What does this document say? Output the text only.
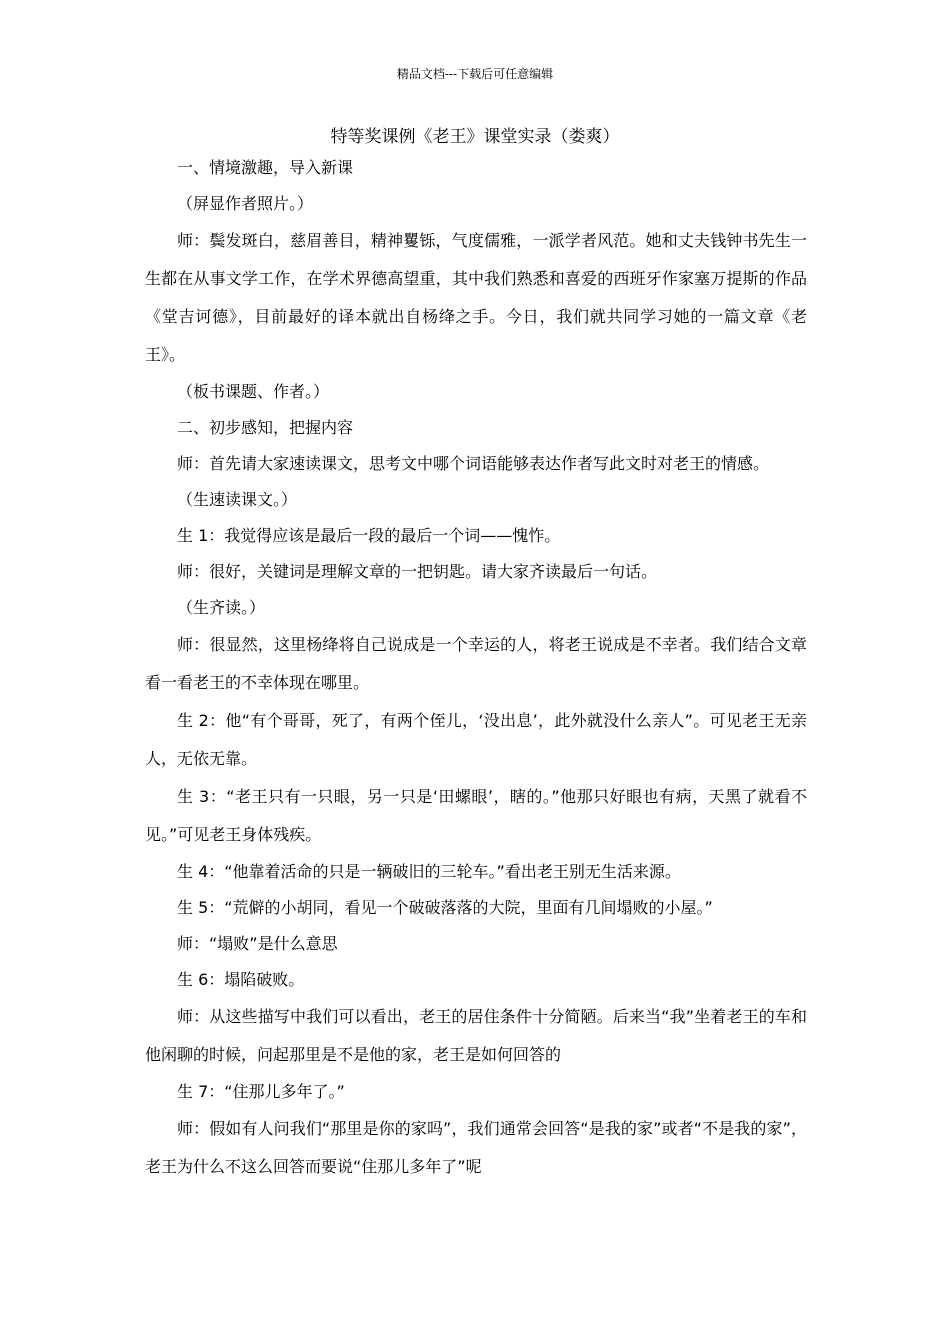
精品文档---下载后可任意编辑
特等奖课例《老王》课堂实录（娄爽）

一、情境激趣，导入新课

（屏显作者照片。）

师：鬓发斑白，慈眉善目，精神矍铄，气度儒雅，一派学者风范。她和丈夫钱钟书先生一生都在从事文学工作，在学术界德高望重，其中我们熟悉和喜爱的西班牙作家塞万提斯的作品《堂吉诃德》，目前最好的译本就出自杨绛之手。今日，我们就共同学习她的一篇文章《老王》。

（板书课题、作者。）

二、初步感知，把握内容

师：首先请大家速读课文，思考文中哪个词语能够表达作者写此文时对老王的情感。

（生速读课文。）

生 1：我觉得应该是最后一段的最后一个词——愧怍。

师：很好，关键词是理解文章的一把钥匙。请大家齐读最后一句话。

（生齐读。）

师：很显然，这里杨绛将自己说成是一个幸运的人，将老王说成是不幸者。我们结合文章看一看老王的不幸体现在哪里。

生 2：他“有个哥哥，死了，有两个侄儿，‘没出息’，此外就没什么亲人”。可见老王无亲人，无依无靠。

生 3：“老王只有一只眼，另一只是‘田螺眼’，瞎的。”他那只好眼也有病，天黑了就看不见。”可见老王身体残疾。

生 4：“他靠着活命的只是一辆破旧的三轮车。”看出老王别无生活来源。

生 5：“荒僻的小胡同，看见一个破破落落的大院，里面有几间塌败的小屋。”

师：“塌败”是什么意思

生 6：塌陷破败。

师：从这些描写中我们可以看出，老王的居住条件十分简陋。后来当“我”坐着老王的车和他闲聊的时候，问起那里是不是他的家，老王是如何回答的

生 7：“住那儿多年了。”

师：假如有人问我们“那里是你的家吗”，我们通常会回答“是我的家”或者“不是我的家”，老王为什么不这么回答而要说“住那儿多年了”呢
